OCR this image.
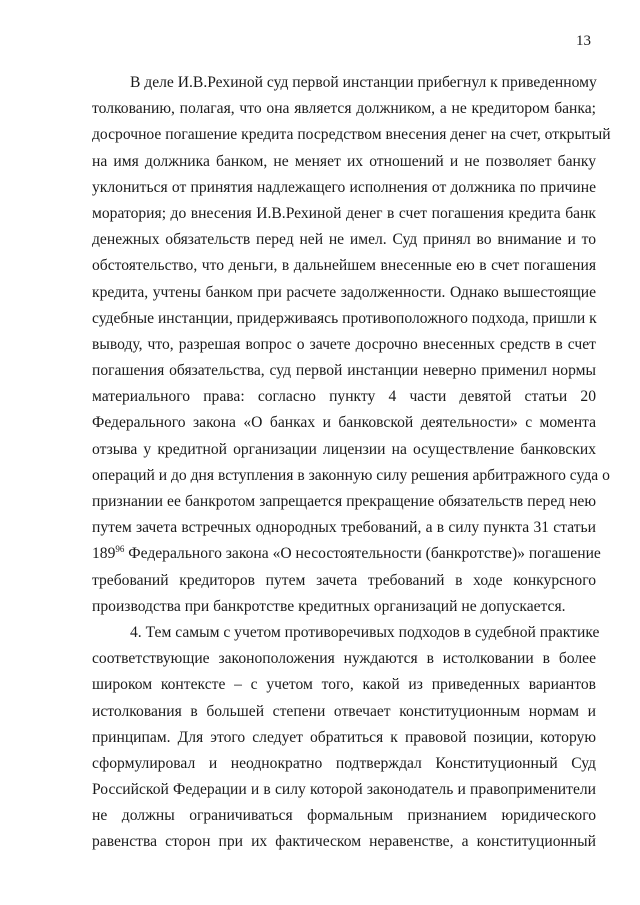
13
В деле И.В.Рехиной суд первой инстанции прибегнул к приведенному
толкованию, полагая, что она является должником, а не кредитором банка;
досрочное погашение кредита посредством внесения денег на счет, открытый
на имя должника банком, не меняет их отношений и не позволяет банку
уклониться от принятия надлежащего исполнения от должника по причине
моратория; до внесения И.В.Рехиной денег в счет погашения кредита банк
денежных обязательств перед ней не имел. Суд принял во внимание и то
обстоятельство, что деньги, в дальнейшем внесенные ею в счет погашения
кредита, учтены банком при расчете задолженности. Однако вышестоящие
судебные инстанции, придерживаясь противоположного подхода, пришли к
выводу, что, разрешая вопрос о зачете досрочно внесенных средств в счет
погашения обязательства, суд первой инстанции неверно применил нормы
материального права: согласно пункту 4 части девятой статьи 20
Федерального закона «О банках и банковской деятельности» с момента
отзыва у кредитной организации лицензии на осуществление банковских
операций и до дня вступления в законную силу решения арбитражного суда о
признании ее банкротом запрещается прекращение обязательств перед нею
путем зачета встречных однородных требований, а в силу пункта 31 статьи
$189^{96}$ Федерального закона «О несостоятельности (банкротстве)» погашение
требований кредиторов путем зачета требований в ходе конкурсного
производства при банкротстве кредитных организаций не допускается.
4. Тем самым с учетом противоречивых подходов в судебной практике
соответствующие законоположения нуждаются в истолковании в более
широком контексте – с учетом того, какой из приведенных вариантов
истолкования в большей степени отвечает конституционным нормам и
принципам. Для этого следует обратиться к правовой позиции, которую
сформулировал и неоднократно подтверждал Конституционный Суд
Российской Федерации и в силу которой законодатель и правоприменители
не должны ограничиваться формальным признанием юридического
равенства сторон при их фактическом неравенстве, а конституционный
